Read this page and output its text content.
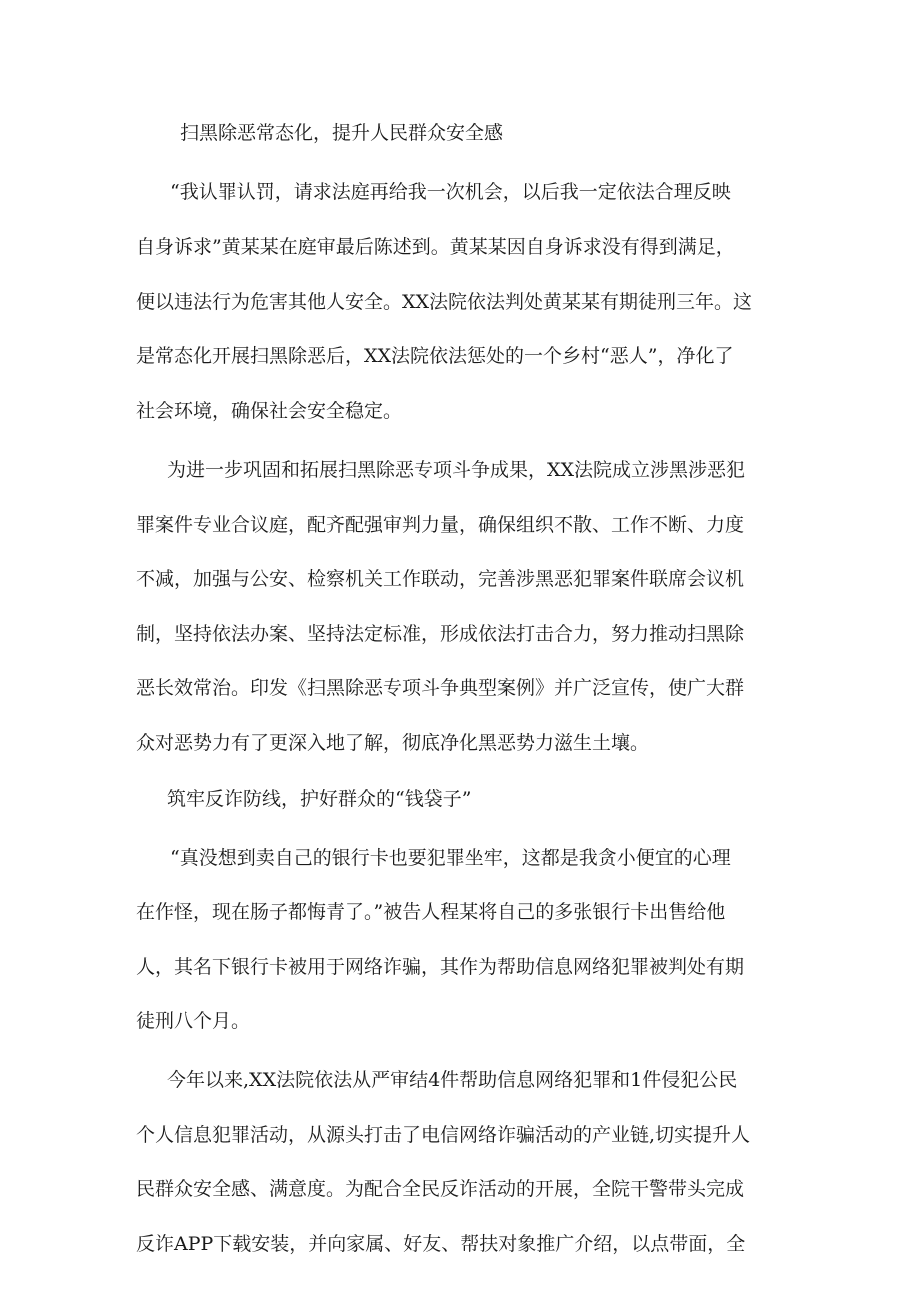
扫黑除恶常态化，提升人民群众安全感
“我认罪认罚，请求法庭再给我一次机会，以后我一定依法合理反映
自身诉求”黄某某在庭审最后陈述到。黄某某因自身诉求没有得到满足，
便以违法行为危害其他人安全。XX法院依法判处黄某某有期徒刑三年。这
是常态化开展扫黑除恶后，XX法院依法惩处的一个乡村“恶人”，净化了
社会环境，确保社会安全稳定。
为进一步巩固和拓展扫黑除恶专项斗争成果，XX法院成立涉黑涉恶犯
罪案件专业合议庭，配齐配强审判力量，确保组织不散、工作不断、力度
不减，加强与公安、检察机关工作联动，完善涉黑恶犯罪案件联席会议机
制，坚持依法办案、坚持法定标准，形成依法打击合力，努力推动扫黑除
恶长效常治。印发《扫黑除恶专项斗争典型案例》并广泛宣传，使广大群
众对恶势力有了更深入地了解，彻底净化黑恶势力滋生土壤。
筑牢反诈防线，护好群众的“钱袋子”
“真没想到卖自己的银行卡也要犯罪坐牢，这都是我贪小便宜的心理
在作怪，现在肠子都悔青了。”被告人程某将自己的多张银行卡出售给他
人，其名下银行卡被用于网络诈骗，其作为帮助信息网络犯罪被判处有期
徒刑八个月。
今年以来,XX法院依法从严审结4件帮助信息网络犯罪和1件侵犯公民
个人信息犯罪活动，从源头打击了电信网络诈骗活动的产业链,切实提升人
民群众安全感、满意度。为配合全民反诈活动的开展，全院干警带头完成
反诈APP下载安装，并向家属、好友、帮扶对象推广介绍，以点带面，全
